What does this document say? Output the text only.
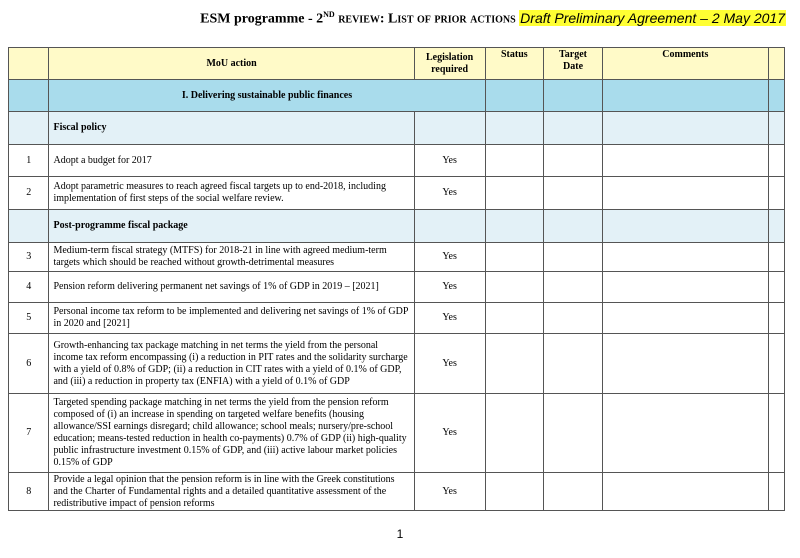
ESM programme - 2ND review: List of prior actions Draft Preliminary Agreement – 2 May 2017
	MoU action	Legislation required	Status	Target Date	Comments	
	I. Delivering sustainable public finances					
	Fiscal policy					
1	Adopt a budget for 2017	Yes				
2	Adopt parametric measures to reach agreed fiscal targets up to end-2018, including implementation of first steps of the social welfare review.	Yes				
	Post-programme fiscal package					
3	Medium-term fiscal strategy (MTFS) for 2018-21 in line with agreed medium-term targets which should be reached without growth-detrimental measures	Yes				
4	Pension reform delivering permanent net savings of 1% of GDP in 2019 – [2021]	Yes				
5	Personal income tax reform to be implemented and delivering net savings of 1% of GDP in 2020 and [2021]	Yes				
6	Growth-enhancing tax package matching in net terms the yield from the personal income tax reform encompassing (i) a reduction in PIT rates and the solidarity surcharge with a yield of 0.8% of GDP; (ii) a reduction in CIT rates with a yield of 0.1% of GDP, and (iii) a reduction in property tax (ENFIA) with a yield of 0.1% of GDP	Yes				
7	Targeted spending package matching in net terms the yield from the pension reform composed of (i) an increase in spending on targeted welfare benefits (housing allowance/SSI earnings disregard; child allowance; school meals; nursery/pre-school education; means-tested reduction in health co-payments) 0.7% of GDP (ii) high-quality public infrastructure investment 0.15% of GDP, and (iii) active labour market policies 0.15% of GDP	Yes				
8	Provide a legal opinion that the pension reform is in line with the Greek constitutions and the Charter of Fundamental rights and a detailed quantitative assessment of the redistributive impact of pension reforms	Yes				
1
